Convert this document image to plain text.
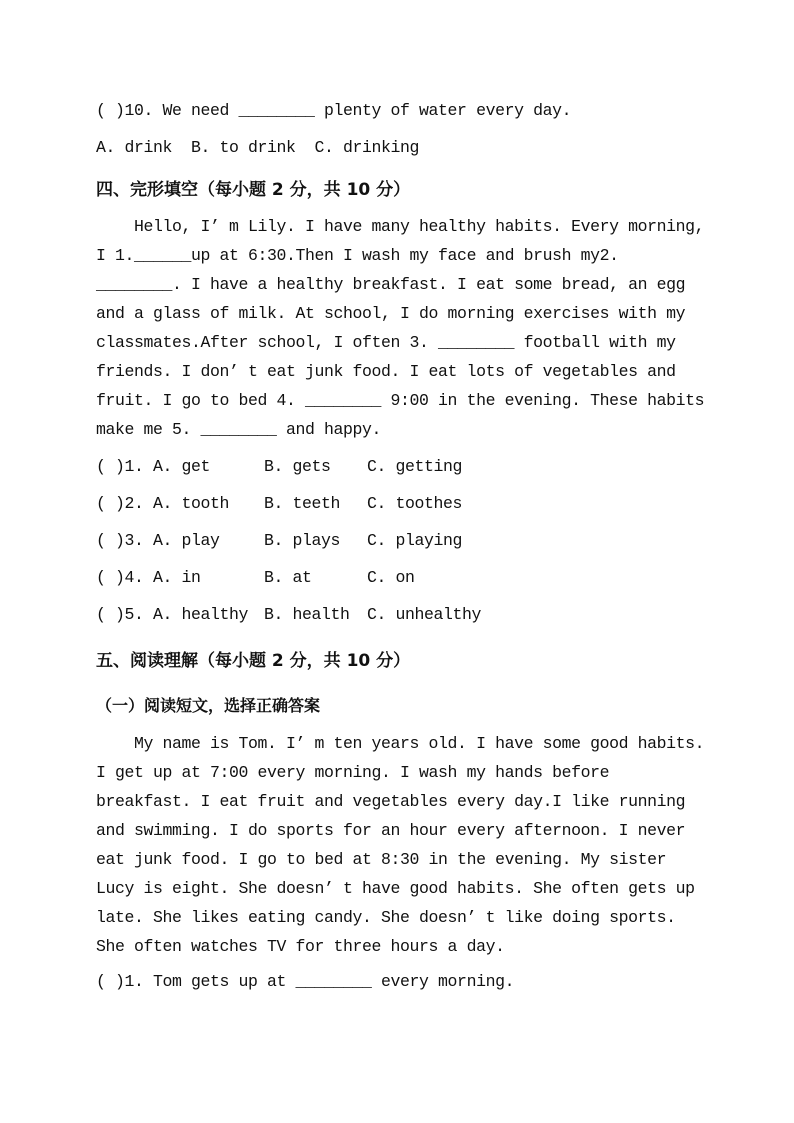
( )10. We need ________ plenty of water every day.
A. drink  B. to drink  C. drinking
四、完形填空（每小题 2 分，共 10 分）
Hello, I’ m Lily. I have many healthy habits. Every morning,
I 1.______up at 6:30.Then I wash my face and brush my2.
________. I have a healthy breakfast. I eat some bread, an egg
and a glass of milk. At school, I do morning exercises with my
classmates.After school, I often 3. ________ football with my
friends. I don’ t eat junk food. I eat lots of vegetables and
fruit. I go to bed 4. ________ 9:00 in the evening. These habits
make me 5. ________ and happy.
( )1. A. get	B. gets	C. getting
( )2. A. tooth	B. teeth	C. toothes
( )3. A. play	B. plays	C. playing
( )4. A. in	B. at	C. on
( )5. A. healthy B. health	C. unhealthy
五、阅读理解（每小题 2 分，共 10 分）
（一）阅读短文，选择正确答案
My name is Tom. I’ m ten years old. I have some good habits.
I get up at 7:00 every morning. I wash my hands before
breakfast. I eat fruit and vegetables every day.I like running
and swimming. I do sports for an hour every afternoon. I never
eat junk food. I go to bed at 8:30 in the evening. My sister
Lucy is eight. She doesn’ t have good habits. She often gets up
late. She likes eating candy. She doesn’ t like doing sports.
She often watches TV for three hours a day.
( )1. Tom gets up at ________ every morning.
